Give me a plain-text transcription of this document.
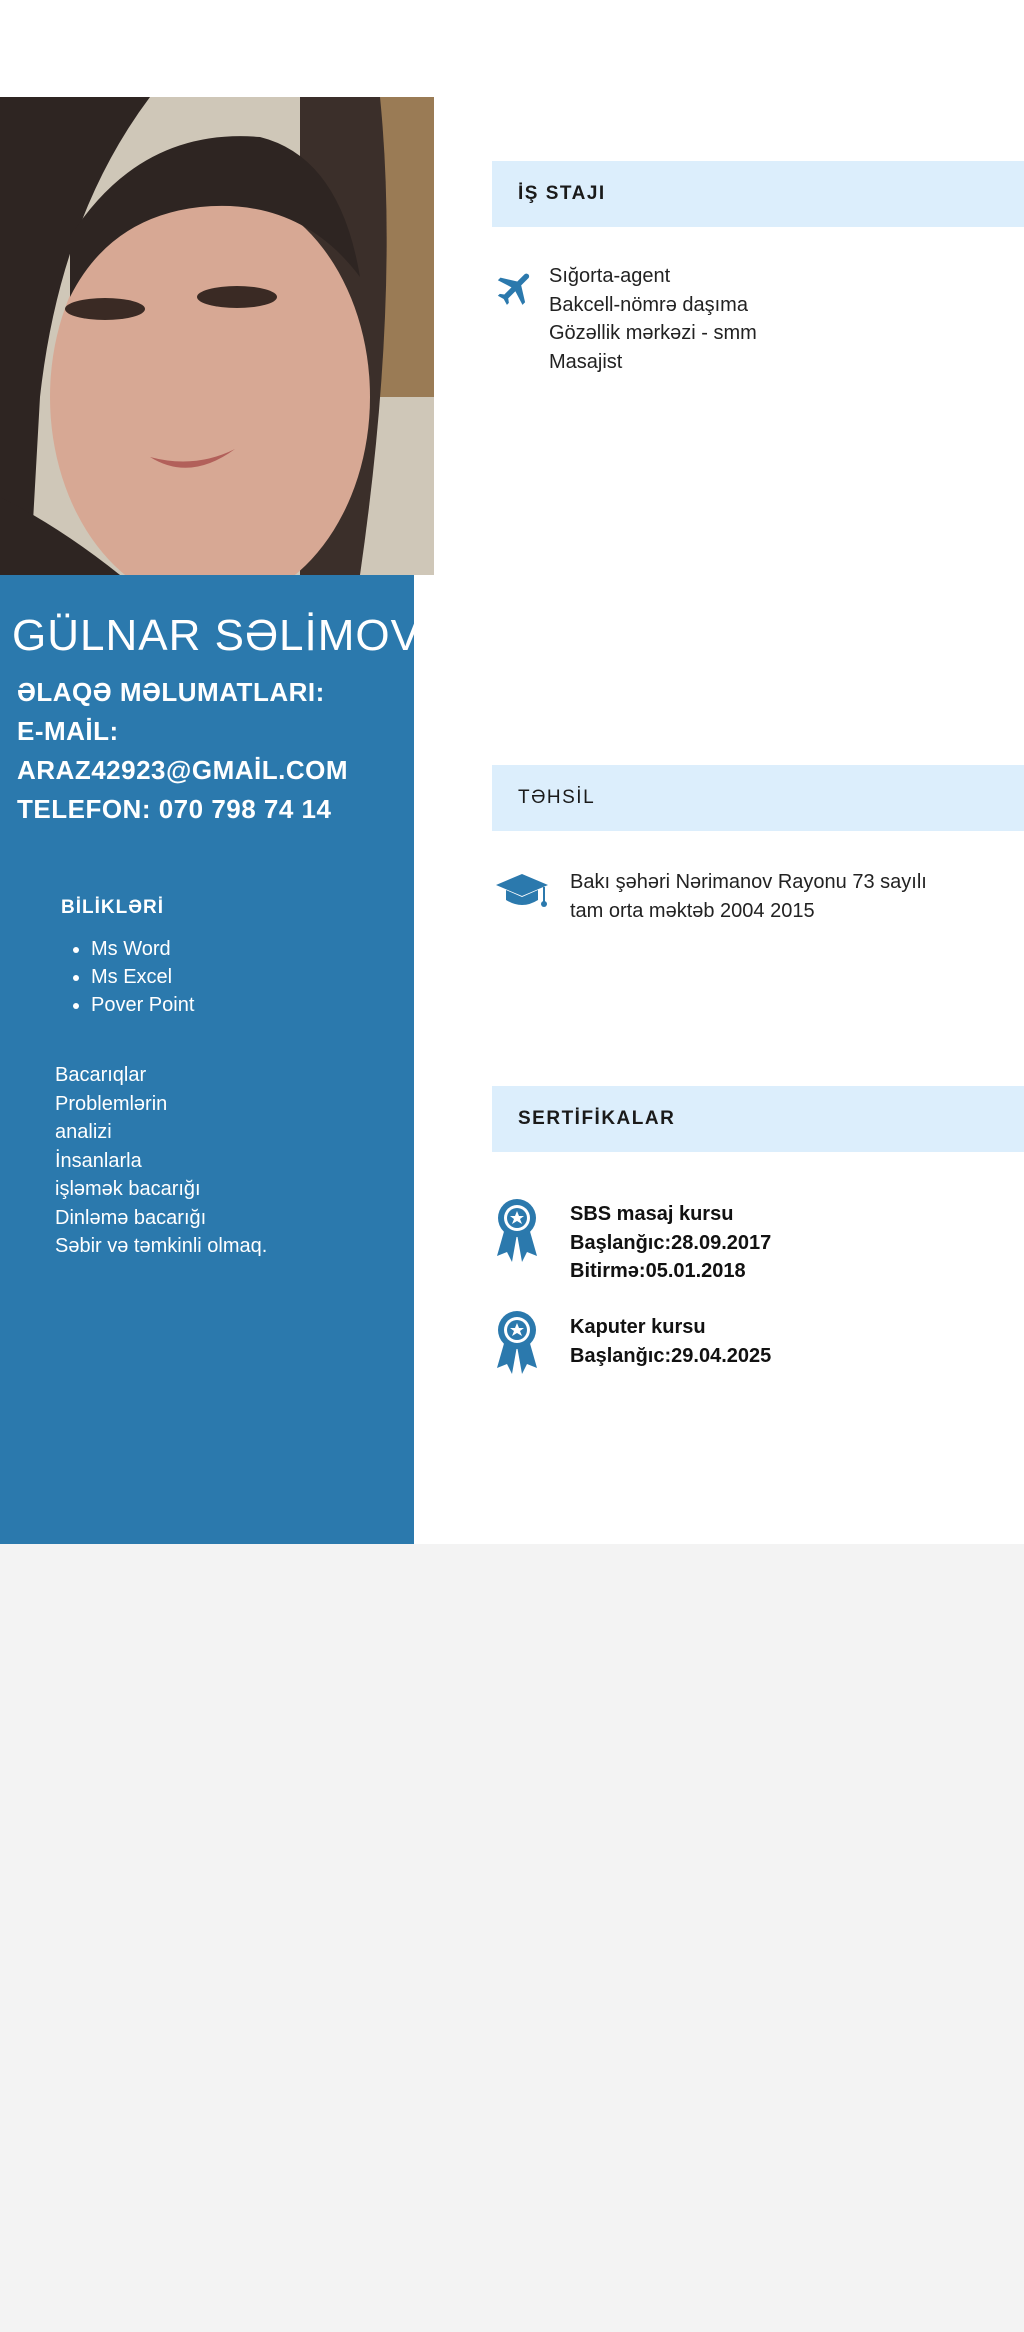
GÜLNAR SƏLİMOVA
ƏLAQƏ MƏLUMATLARI:
E-MAİL:
ARAZ42923@GMAİL.COM
TELEFON: 070 798 74 14
BİLİKLƏRİ
• Ms Word
• Ms Excel
• Pover Point
Bacarıqlar
Problemlərin
analizi
İnsanlarla
işləmək bacarığı
Dinləmə bacarığı
Səbir və təmkinli olmaq.
İŞ STAJI
Sığorta-agent
Bakcell-nömrə daşıma
Gözəllik mərkəzi - smm
Masajist
TƏHSİL
Bakı şəhəri Nərimanov Rayonu 73 sayılı
tam orta məktəb 2004 2015
SERTİFİKALAR
SBS masaj kursu
Başlanğıc:28.09.2017
Bitirmə:05.01.2018
Kaputer kursu
Başlanğıc:29.04.2025
